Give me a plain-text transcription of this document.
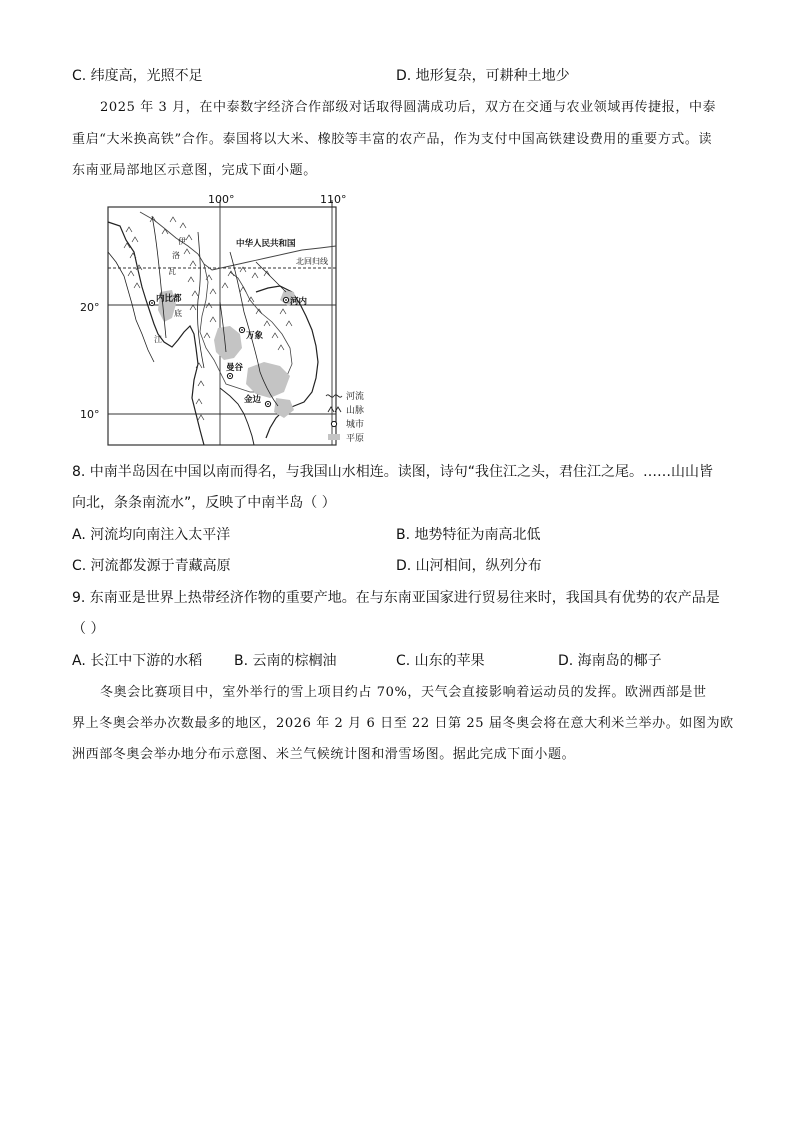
C. 纬度高，光照不足	D. 地形复杂，可耕种土地少
2025 年 3 月，在中泰数字经济合作部级对话取得圆满成功后，双方在交通与农业领域再传捷报，中泰
重启“大米换高铁”合作。泰国将以大米、橡胶等丰富的农产品，作为支付中国高铁建设费用的重要方式。读
东南亚局部地区示意图，完成下面小题。
100°	110°
20°
10°
北回归线
伊
洛
瓦
底
江
中华人民共和国
内比都	河内
万象
曼谷
金边	河流
山脉
城市
平原
8. 中南半岛因在中国以南而得名，与我国山水相连。读图，诗句“我住江之头，君住江之尾。……山山皆
向北，条条南流水”，反映了中南半岛（ ）
A. 河流均向南注入太平洋	B. 地势特征为南高北低
C. 河流都发源于青藏高原	D. 山河相间，纵列分布
9. 东南亚是世界上热带经济作物的重要产地。在与东南亚国家进行贸易往来时，我国具有优势的农产品是
（ ）
A. 长江中下游的水稻 B. 云南的棕榈油	C. 山东的苹果	D. 海南岛的椰子
冬奥会比赛项目中，室外举行的雪上项目约占 70%，天气会直接影响着运动员的发挥。欧洲西部是世
界上冬奥会举办次数最多的地区，2026 年 2 月 6 日至 22 日第 25 届冬奥会将在意大利米兰举办。如图为欧
洲西部冬奥会举办地分布示意图、米兰气候统计图和滑雪场图。据此完成下面小题。
